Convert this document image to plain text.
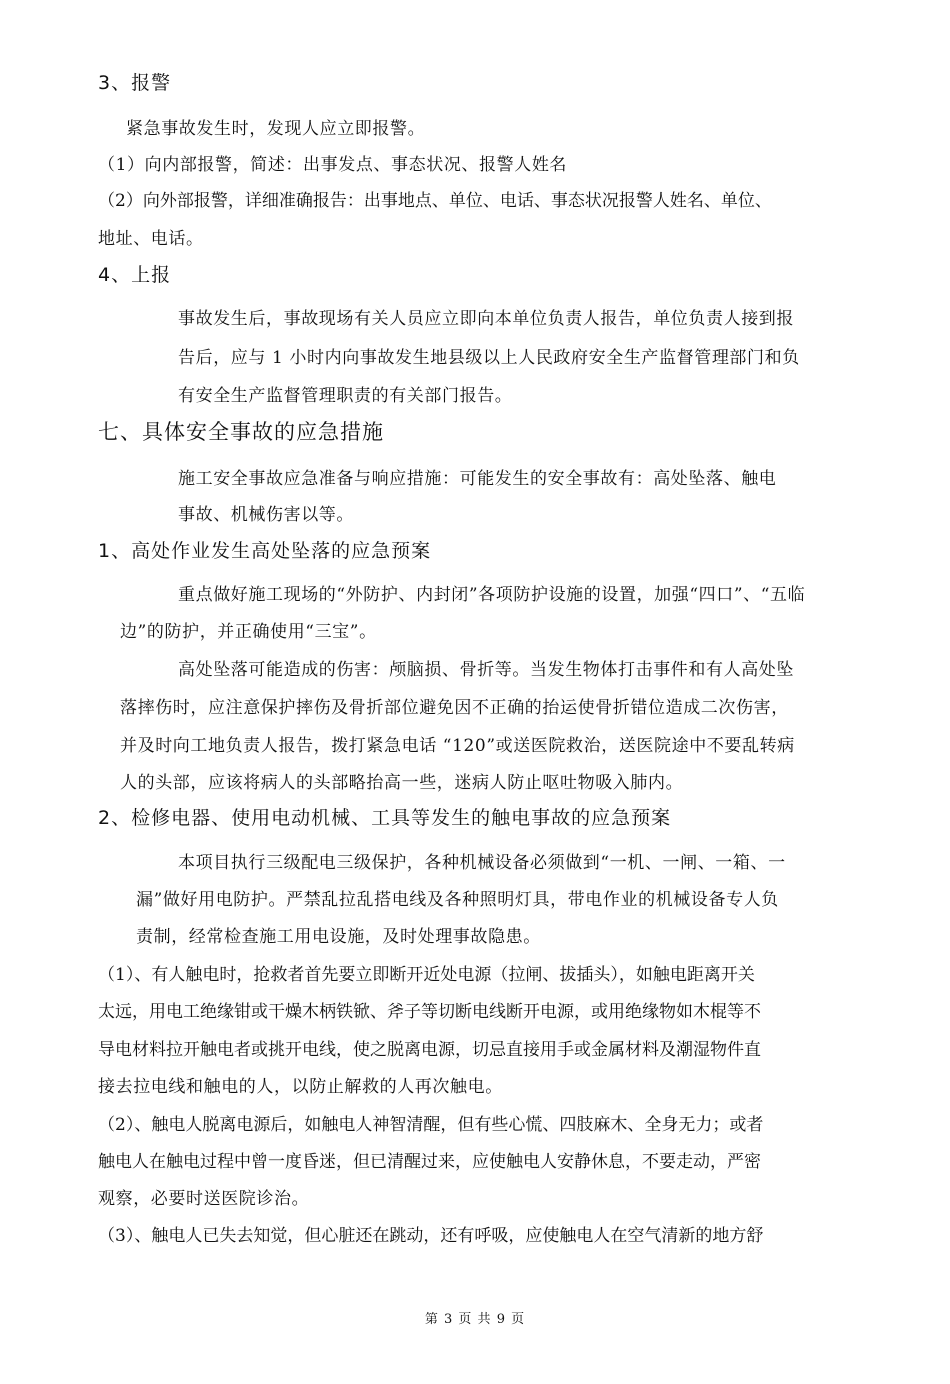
3、报警
紧急事故发生时，发现人应立即报警。
（1）向内部报警，简述：出事发点、事态状况、报警人姓名
（2）向外部报警，详细准确报告：出事地点、单位、电话、事态状况报警人姓名、单位、
地址、电话。
4、上报
事故发生后，事故现场有关人员应立即向本单位负责人报告，单位负责人接到报
告后，应与 1 小时内向事故发生地县级以上人民政府安全生产监督管理部门和负
有安全生产监督管理职责的有关部门报告。
七、具体安全事故的应急措施
施工安全事故应急准备与响应措施：可能发生的安全事故有：高处坠落、触电
事故、机械伤害以等。
1、高处作业发生高处坠落的应急预案
重点做好施工现场的“外防护、内封闭”各项防护设施的设置，加强“四口”、“五临
边”的防护，并正确使用“三宝”。
高处坠落可能造成的伤害：颅脑损、骨折等。当发生物体打击事件和有人高处坠
落摔伤时，应注意保护摔伤及骨折部位避免因不正确的抬运使骨折错位造成二次伤害，
并及时向工地负责人报告，拨打紧急电话 “120”或送医院救治，送医院途中不要乱转病
人的头部，应该将病人的头部略抬高一些，迷病人防止呕吐物吸入肺内。
2、检修电器、使用电动机械、工具等发生的触电事故的应急预案
本项目执行三级配电三级保护，各种机械设备必须做到“一机、一闸、一箱、一
漏”做好用电防护。严禁乱拉乱搭电线及各种照明灯具，带电作业的机械设备专人负
责制，经常检查施工用电设施，及时处理事故隐患。
（1）、有人触电时，抢救者首先要立即断开近处电源（拉闸、拔插头），如触电距离开关
太远，用电工绝缘钳或干燥木柄铁锨、斧子等切断电线断开电源，或用绝缘物如木棍等不
导电材料拉开触电者或挑开电线，使之脱离电源，切忌直接用手或金属材料及潮湿物件直
接去拉电线和触电的人，以防止解救的人再次触电。
（2）、触电人脱离电源后，如触电人神智清醒，但有些心慌、四肢麻木、全身无力；或者
触电人在触电过程中曾一度昏迷，但已清醒过来，应使触电人安静休息，不要走动，严密
观察，必要时送医院诊治。
（3）、触电人已失去知觉，但心脏还在跳动，还有呼吸，应使触电人在空气清新的地方舒
第 3 页 共 9 页
